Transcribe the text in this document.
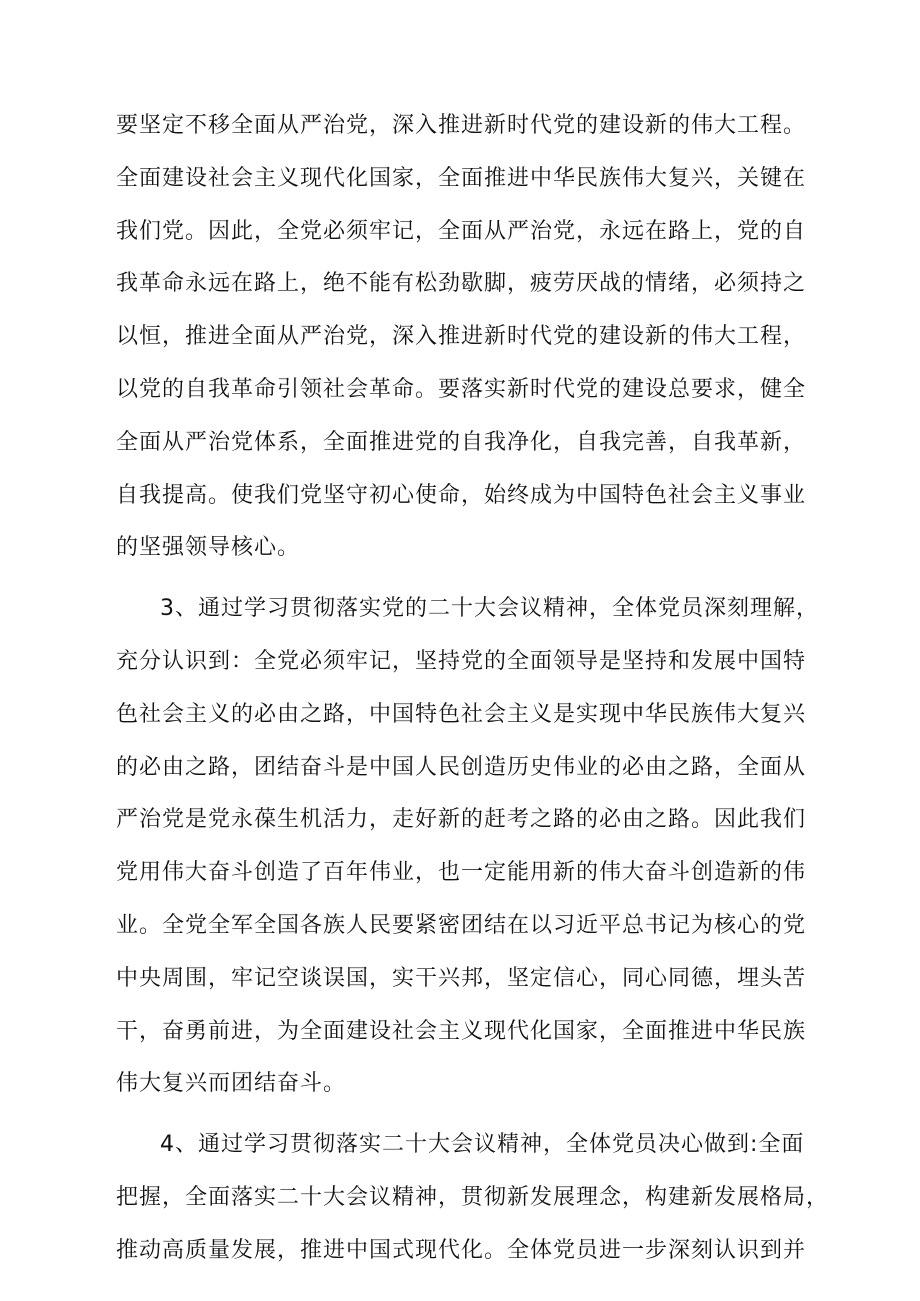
要坚定不移全面从严治党，深入推进新时代党的建设新的伟大工程。
全面建设社会主义现代化国家，全面推进中华民族伟大复兴，关键在
我们党。因此，全党必须牢记，全面从严治党，永远在路上，党的自
我革命永远在路上，绝不能有松劲歇脚，疲劳厌战的情绪，必须持之
以恒，推进全面从严治党，深入推进新时代党的建设新的伟大工程，
以党的自我革命引领社会革命。要落实新时代党的建设总要求，健全
全面从严治党体系，全面推进党的自我净化，自我完善，自我革新，
自我提高。使我们党坚守初心使命，始终成为中国特色社会主义事业
的坚强领导核心。
3、通过学习贯彻落实党的二十大会议精神，全体党员深刻理解，
充分认识到：全党必须牢记，坚持党的全面领导是坚持和发展中国特
色社会主义的必由之路，中国特色社会主义是实现中华民族伟大复兴
的必由之路，团结奋斗是中国人民创造历史伟业的必由之路，全面从
严治党是党永葆生机活力，走好新的赶考之路的必由之路。因此我们
党用伟大奋斗创造了百年伟业，也一定能用新的伟大奋斗创造新的伟
业。全党全军全国各族人民要紧密团结在以习近平总书记为核心的党
中央周围，牢记空谈误国，实干兴邦，坚定信心，同心同德，埋头苦
干，奋勇前进，为全面建设社会主义现代化国家，全面推进中华民族
伟大复兴而团结奋斗。
4、通过学习贯彻落实二十大会议精神，全体党员决心做到:全面
把握，全面落实二十大会议精神，贯彻新发展理念，构建新发展格局，
推动高质量发展，推进中国式现代化。全体党员进一步深刻认识到并
